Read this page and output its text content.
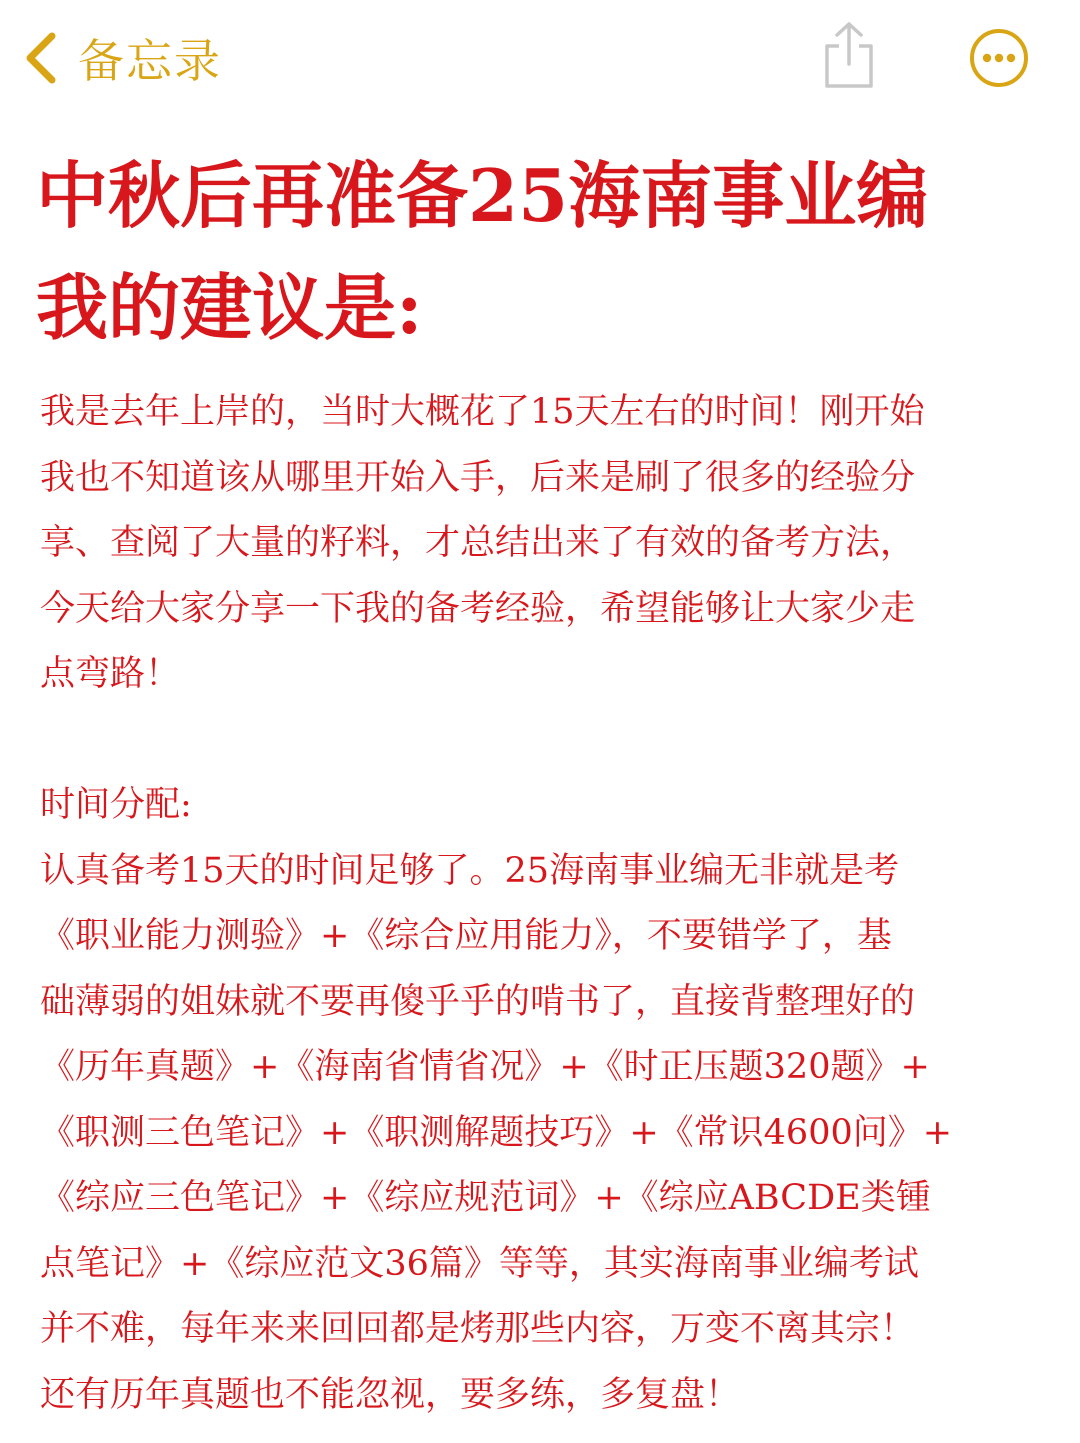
备忘录
中秋后再准备25海南事业编
我的建议是:
我是去年上岸的，当时大概花了15天左右的时间！刚开始
我也不知道该从哪里开始入手，后来是刷了很多的经验分
享、查阅了大量的籽料，才总结出来了有效的备考方法，
今天给大家分享一下我的备考经验，希望能够让大家少走
点弯路！
时间分配:
认真备考15天的时间足够了。25海南事业编无非就是考
《职业能力测验》+《综合应用能力》，不要错学了，基
础薄弱的姐妹就不要再傻乎乎的啃书了，直接背整理好的
《历年真题》+《海南省情省况》+《时正压题320题》+
《职测三色笔记》+《职测解题技巧》+《常识4600问》+
《综应三色笔记》+《综应规范词》+《综应ABCDE类锺
点笔记》+《综应范文36篇》等等，其实海南事业编考试
并不难，每年来来回回都是烤那些内容，万变不离其宗！
还有历年真题也不能忽视，要多练，多复盘！
